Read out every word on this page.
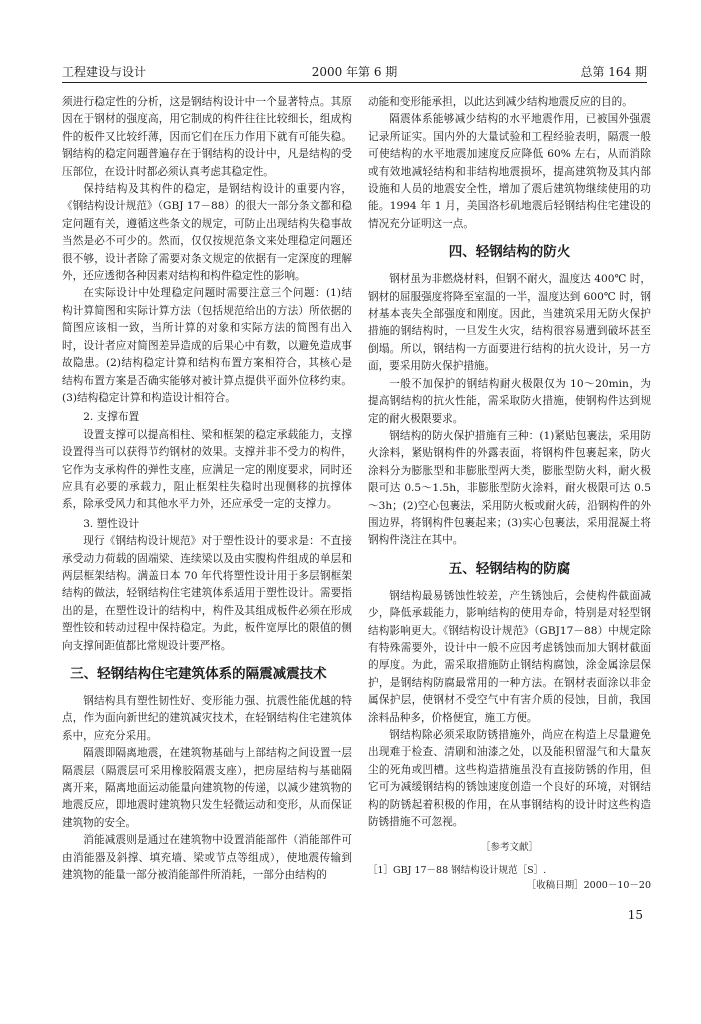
工程建设与设计	2000 年第 6 期	总第 164 期

须进行稳定性的分析，这是钢结构设计中一个显著特点。其原因在于钢材的强度高，用它制成的构件往往比较细长，组成构件的板件又比较纤薄，因而它们在压力作用下就有可能失稳。钢结构的稳定问题普遍存在于钢结构的设计中，凡是结构的受压部位，在设计时都必须认真考虑其稳定性。

保持结构及其构件的稳定，是钢结构设计的重要内容，《钢结构设计规范》（GBJ 17－88）的很大一部分条文都和稳定问题有关，遵循这些条文的规定，可防止出现结构失稳事故当然是必不可少的。然而，仅仅按规范条文来处理稳定问题还很不够，设计者除了需要对条文规定的依据有一定深度的理解外，还应透彻各种因素对结构和构件稳定性的影响。

在实际设计中处理稳定问题时需要注意三个问题：(1)结构计算简图和实际计算方法（包括规范给出的方法）所依据的简图应该相一致，当所计算的对象和实际方法的简图有出入时，设计者应对简图差异造成的后果心中有数，以避免造成事故隐患。(2)结构稳定计算和结构布置方案相符合，其核心是结构布置方案是否确实能够对被计算点提供平面外位移约束。(3)结构稳定计算和构造设计相符合。

2. 支撑布置

设置支撑可以提高相柱、梁和框架的稳定承载能力，支撑设置得当可以获得节约钢材的效果。支撑并非不受力的构件，它作为支承构件的弹性支座，应满足一定的刚度要求，同时还应具有必要的承载力，阻止框架柱失稳时出现侧移的抗撑体系，除承受风力和其他水平力外，还应承受一定的支撑力。

3. 塑性设计

现行《钢结构设计规范》对于塑性设计的要求是：不直接承受动力荷载的固端梁、连续梁以及由实腹构件组成的单层和两层框架结构。满盖日本 70 年代将塑性设计用于多层钢框架结构的做法，轻钢结构住宅建筑体系适用于塑性设计。需要指出的是，在塑性设计的结构中，构件及其组成板件必须在形成塑性铰和转动过程中保持稳定。为此，板件宽厚比的限值的侧向支撑间距值都比常规设计要严格。

三、轻钢结构住宅建筑体系的隔震减震技术

钢结构具有塑性韧性好、变形能力强、抗震性能优越的特点，作为面向新世纪的建筑减灾技术，在轻钢结构住宅建筑体系中，应充分采用。

隔震即隔离地震，在建筑物基础与上部结构之间设置一层隔震层（隔震层可采用橡胶隔震支座），把房屋结构与基础隔离开来，隔离地面运动能量向建筑物的传递，以减少建筑物的地震反应，即地震时建筑物只发生轻微运动和变形，从而保证建筑物的安全。

消能减震则是通过在建筑物中设置消能部件（消能部件可由消能器及斜撑、填充墙、梁或节点等组成），使地震传输到建筑物的能量一部分被消能部件所消耗，一部分由结构的

动能和变形能承担，以此达到减少结构地震反应的目的。

隔震体系能够减少结构的水平地震作用，已被国外强震记录所证实。国内外的大量试验和工程经验表明，隔震一般可使结构的水平地震加速度反应降低 60% 左右，从而消除或有效地减轻结构和非结构地震损坏，提高建筑物及其内部设施和人员的地震安全性，增加了震后建筑物继续使用的功能。1994 年 1 月，美国洛杉矶地震后轻钢结构住宅建设的情况充分证明这一点。

四、轻钢结构的防火

钢材虽为非燃烧材料，但钢不耐火，温度达 400℃ 时，钢材的屈服强度将降至室温的一半，温度达到 600℃ 时，钢材基本丧失全部强度和刚度。因此，当建筑采用无防火保护措施的钢结构时，一旦发生火灾，结构很容易遭到破坏甚至倒塌。所以，钢结构一方面要进行结构的抗火设计，另一方面，要采用防火保护措施。

一般不加保护的钢结构耐火极限仅为 10～20min，为提高钢结构的抗火性能，需采取防火措施，使钢构件达到规定的耐火极限要求。

钢结构的防火保护措施有三种：(1)紧贴包裹法，采用防火涂料，紧贴钢构件的外露表面，将钢构件包裹起来，防火涂料分为膨胀型和非膨胀型两大类，膨胀型防火料，耐火极限可达 0.5～1.5h，非膨胀型防火涂料，耐火极限可达 0.5～3h；(2)空心包裹法，采用防火板或耐火砖，沿钢构件的外围边界，将钢构件包裹起来；(3)实心包裹法，采用混凝土将钢构件浇注在其中。

五、轻钢结构的防腐

钢结构最易锈蚀性较差，产生锈蚀后，会使构件截面减少，降低承载能力，影响结构的使用寿命，特别是对轻型钢结构影响更大。《钢结构设计规范》（GBJ17－88）中规定除有特殊需要外，设计中一般不应因考虑锈蚀而加大钢材截面的厚度。为此，需采取措施防止钢结构腐蚀，涂金属涂层保护，是钢结构防腐最常用的一种方法。在钢材表面涂以非金属保护层，使钢材不受空气中有害介质的侵蚀，目前，我国涂料品种多，价格便宜，施工方便。

钢结构除必须采取防锈措施外，尚应在构造上尽量避免出现难于检查、清刷和油漆之处，以及能积留湿气和大量灰尘的死角或凹槽。这些构造措施虽没有直接防锈的作用，但它可为减缓钢结构的锈蚀速度创造一个良好的环境，对钢结构的防锈起着积极的作用，在从事钢结构的设计时这些构造防锈措施不可忽视。

［参考文献］
［1］GBJ 17－88 钢结构设计规范［S］.
［收稿日期］2000－10－20
15
